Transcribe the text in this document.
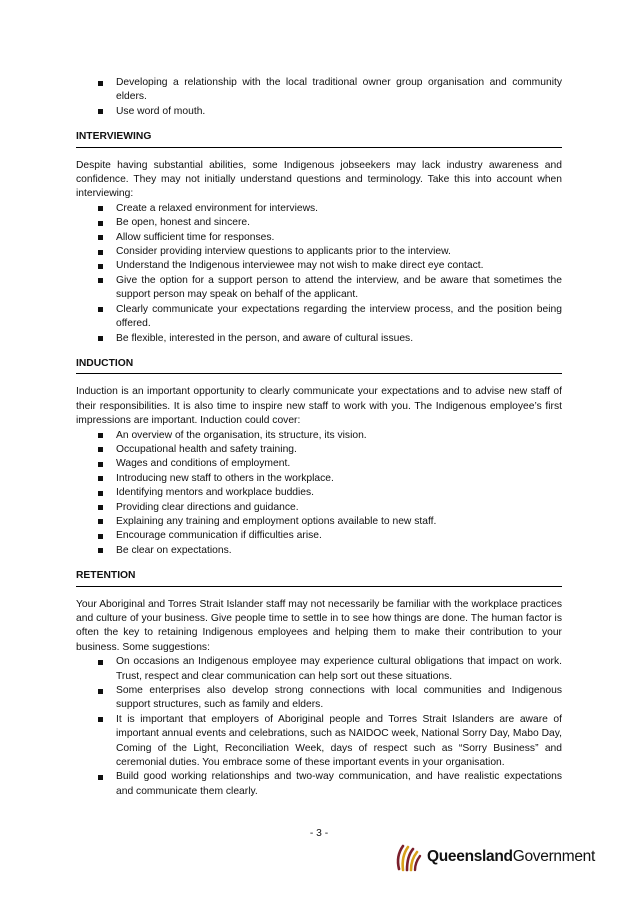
Developing a relationship with the local traditional owner group organisation and community elders.
Use word of mouth.
INTERVIEWING

Despite having substantial abilities, some Indigenous jobseekers may lack industry awareness and confidence. They may not initially understand questions and terminology. Take this into account when interviewing:

Create a relaxed environment for interviews.
Be open, honest and sincere.
Allow sufficient time for responses.
Consider providing interview questions to applicants prior to the interview.
Understand the Indigenous interviewee may not wish to make direct eye contact.
Give the option for a support person to attend the interview, and be aware that sometimes the support person may speak on behalf of the applicant.
Clearly communicate your expectations regarding the interview process, and the position being offered.
Be flexible, interested in the person, and aware of cultural issues.
INDUCTION

Induction is an important opportunity to clearly communicate your expectations and to advise new staff of their responsibilities. It is also time to inspire new staff to work with you. The Indigenous employee’s first impressions are important. Induction could cover:

An overview of the organisation, its structure, its vision.
Occupational health and safety training.
Wages and conditions of employment.
Introducing new staff to others in the workplace.
Identifying mentors and workplace buddies.
Providing clear directions and guidance.
Explaining any training and employment options available to new staff.
Encourage communication if difficulties arise.
Be clear on expectations.
RETENTION

Your Aboriginal and Torres Strait Islander staff may not necessarily be familiar with the workplace practices and culture of your business. Give people time to settle in to see how things are done. The human factor is often the key to retaining Indigenous employees and helping them to make their contribution to your business. Some suggestions:

On occasions an Indigenous employee may experience cultural obligations that impact on work. Trust, respect and clear communication can help sort out these situations.
Some enterprises also develop strong connections with local communities and Indigenous support structures, such as family and elders.
It is important that employers of Aboriginal people and Torres Strait Islanders are aware of important annual events and celebrations, such as NAIDOC week, National Sorry Day, Mabo Day, Coming of the Light, Reconciliation Week, days of respect such as “Sorry Business” and ceremonial duties. You embrace some of these important events in your organisation.
Build good working relationships and two-way communication, and have realistic expectations and communicate them clearly.
- 3 -
QueenslandGovernment
